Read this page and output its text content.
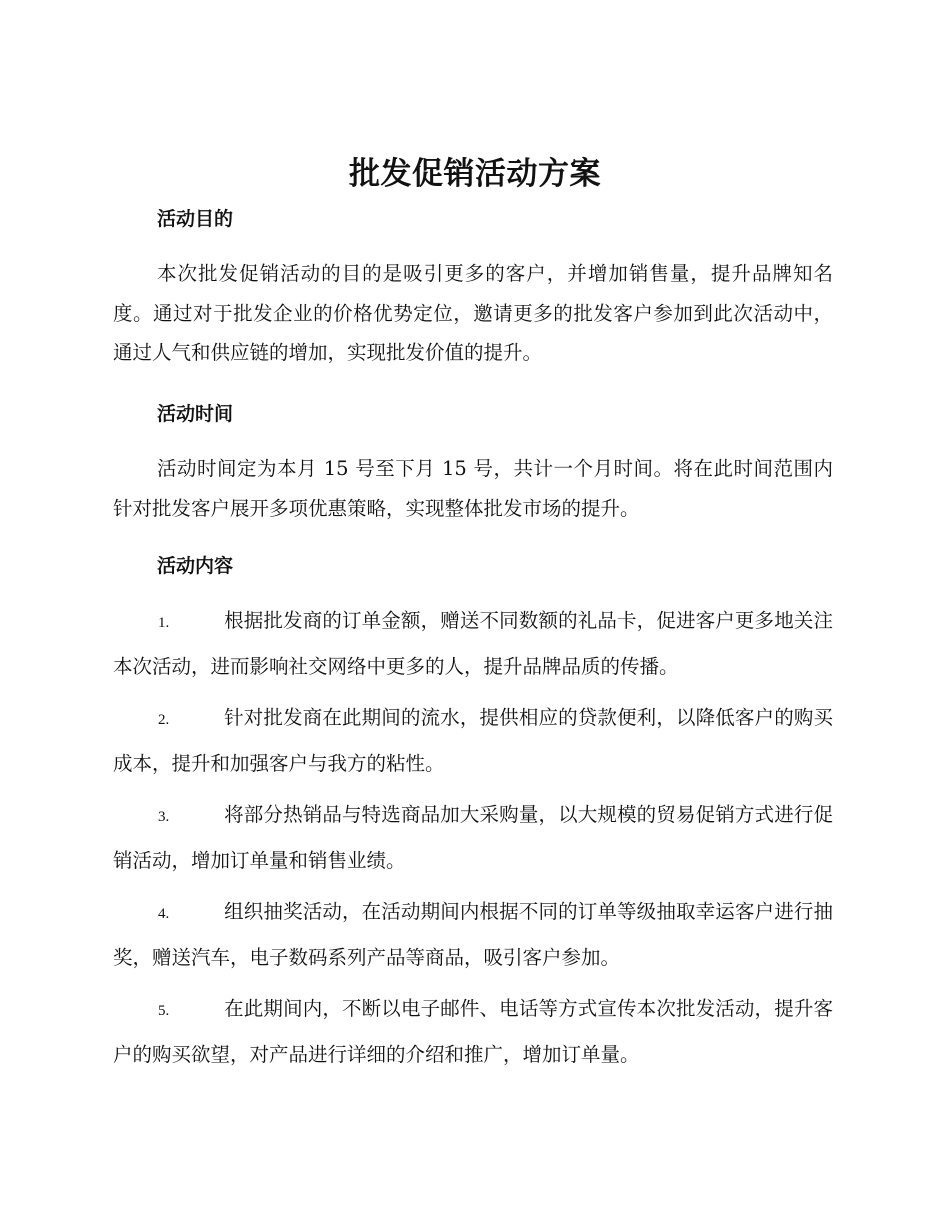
批发促销活动方案
活动目的

本次批发促销活动的目的是吸引更多的客户，并增加销售量，提升品牌知名度。通过对于批发企业的价格优势定位，邀请更多的批发客户参加到此次活动中，通过人气和供应链的增加，实现批发价值的提升。

活动时间

活动时间定为本月 15 号至下月 15 号，共计一个月时间。将在此时间范围内针对批发客户展开多项优惠策略，实现整体批发市场的提升。

活动内容

1.	根据批发商的订单金额，赠送不同数额的礼品卡，促进客户更多地关注本次活动，进而影响社交网络中更多的人，提升品牌品质的传播。

2.	针对批发商在此期间的流水，提供相应的贷款便利，以降低客户的购买成本，提升和加强客户与我方的粘性。

3.	将部分热销品与特选商品加大采购量，以大规模的贸易促销方式进行促销活动，增加订单量和销售业绩。

4.	组织抽奖活动，在活动期间内根据不同的订单等级抽取幸运客户进行抽奖，赠送汽车，电子数码系列产品等商品，吸引客户参加。

5.	在此期间内，不断以电子邮件、电话等方式宣传本次批发活动，提升客户的购买欲望，对产品进行详细的介绍和推广，增加订单量。
